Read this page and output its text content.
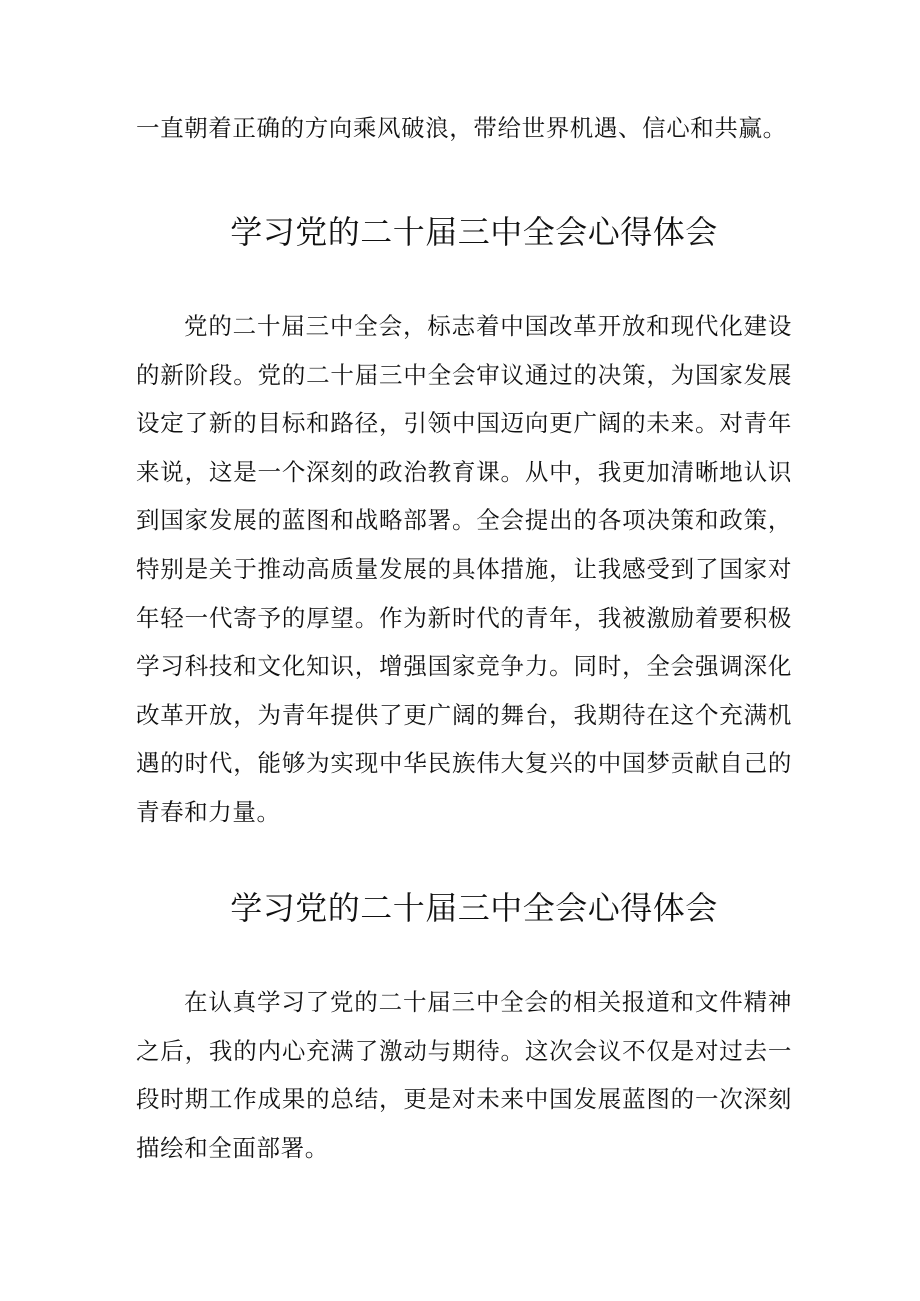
一直朝着正确的方向乘风破浪，带给世界机遇、信心和共赢。

学习党的二十届三中全会心得体会

党的二十届三中全会，标志着中国改革开放和现代化建设的新阶段。党的二十届三中全会审议通过的决策，为国家发展设定了新的目标和路径，引领中国迈向更广阔的未来。对青年来说，这是一个深刻的政治教育课。从中，我更加清晰地认识到国家发展的蓝图和战略部署。全会提出的各项决策和政策，特别是关于推动高质量发展的具体措施，让我感受到了国家对年轻一代寄予的厚望。作为新时代的青年，我被激励着要积极学习科技和文化知识，增强国家竞争力。同时，全会强调深化改革开放，为青年提供了更广阔的舞台，我期待在这个充满机遇的时代，能够为实现中华民族伟大复兴的中国梦贡献自己的青春和力量。

学习党的二十届三中全会心得体会

在认真学习了党的二十届三中全会的相关报道和文件精神之后，我的内心充满了激动与期待。这次会议不仅是对过去一段时期工作成果的总结，更是对未来中国发展蓝图的一次深刻描绘和全面部署。
